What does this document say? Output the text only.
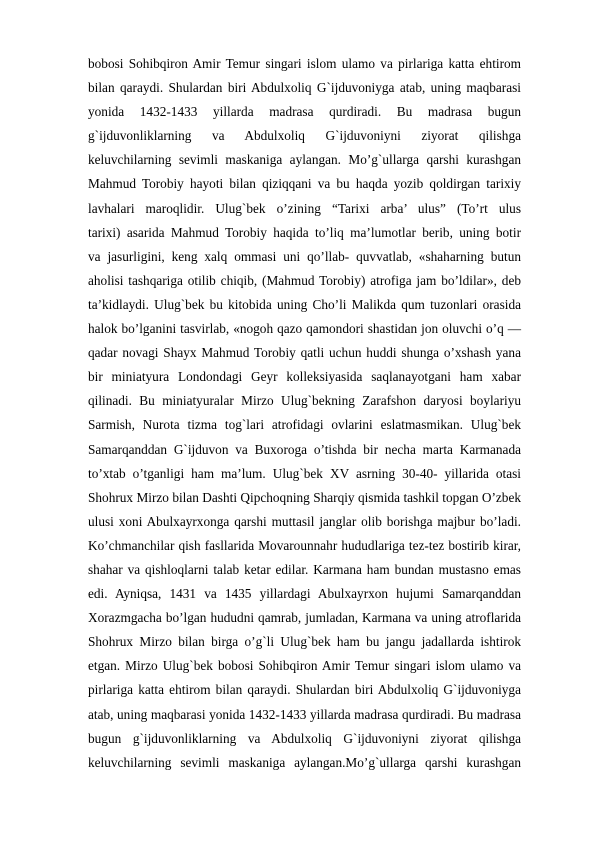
bobosi Sohibqiron Amir Temur singari islom ulamo va pirlariga katta ehtirom
bilan qaraydi. Shulardan biri Abdulxoliq G`ijduvoniyga atab, uning maqbarasi
yonida 1432-1433 yillarda madrasa qurdiradi. Bu madrasa bugun
g`ijduvonliklarning va Abdulxoliq G`ijduvoniyni ziyorat qilishga
keluvchilarning sevimli maskaniga aylangan. Mo’g`ullarga qarshi kurashgan
Mahmud Torobiy hayoti bilan qiziqqani va bu haqda yozib qoldirgan tarixiy
lavhalari maroqlidir. Ulug`bek o’zining “Tarixi arba’ ulus” (To’rt ulus
tarixi) asarida Mahmud Torobiy haqida to’liq ma’lumotlar berib, uning botir
va jasurligini, keng xalq ommasi uni qo’llab- quvvatlab, «shaharning butun
aholisi tashqariga otilib chiqib, (Mahmud Torobiy) atrofiga jam bo’ldilar», deb
ta’kidlaydi. Ulug`bek bu kitobida uning Cho’li Malikda qum tuzonlari orasida
halok bo’lganini tasvirlab, «nogoh qazo qamondori shastidan jon oluvchi o’q —
qadar novagi Shayx Mahmud Torobiy qatli uchun huddi shunga o’xshash yana
bir miniatyura Londondagi Geyr kolleksiyasida saqlanayotgani ham xabar
qilinadi. Bu miniatyuralar Mirzo Ulug`bekning Zarafshon daryosi boylariyu
Sarmish, Nurota tizma tog`lari atrofidagi ovlarini eslatmasmikan. Ulug`bek
Samarqanddan G`ijduvon va Buxoroga o’tishda bir necha marta Karmanada
to’xtab o’tganligi ham ma’lum. Ulug`bek XV asrning 30-40- yillarida otasi
Shohrux Mirzo bilan Dashti Qipchoqning Sharqiy qismida tashkil topgan O’zbek
ulusi xoni Abulxayrxonga qarshi muttasil janglar olib borishga majbur bo’ladi.
Ko’chmanchilar qish fasllarida Movarounnahr hududlariga tez-tez bostirib kirar,
shahar va qishloqlarni talab ketar edilar. Karmana ham bundan mustasno emas
edi. Ayniqsa, 1431 va 1435 yillardagi Abulxayrxon hujumi Samarqanddan
Xorazmgacha bo’lgan hududni qamrab, jumladan, Karmana va uning atroflarida
Shohrux Mirzo bilan birga o’g`li Ulug`bek ham bu jangu jadallarda ishtirok
etgan. Mirzo Ulug`bek bobosi Sohibqiron Amir Temur singari islom ulamo va
pirlariga katta ehtirom bilan qaraydi. Shulardan biri Abdulxoliq G`ijduvoniyga
atab, uning maqbarasi yonida 1432-1433 yillarda madrasa qurdiradi. Bu madrasa
bugun g`ijduvonliklarning va Abdulxoliq G`ijduvoniyni ziyorat qilishga
keluvchilarning sevimli maskaniga aylangan.Mo’g`ullarga qarshi kurashgan
